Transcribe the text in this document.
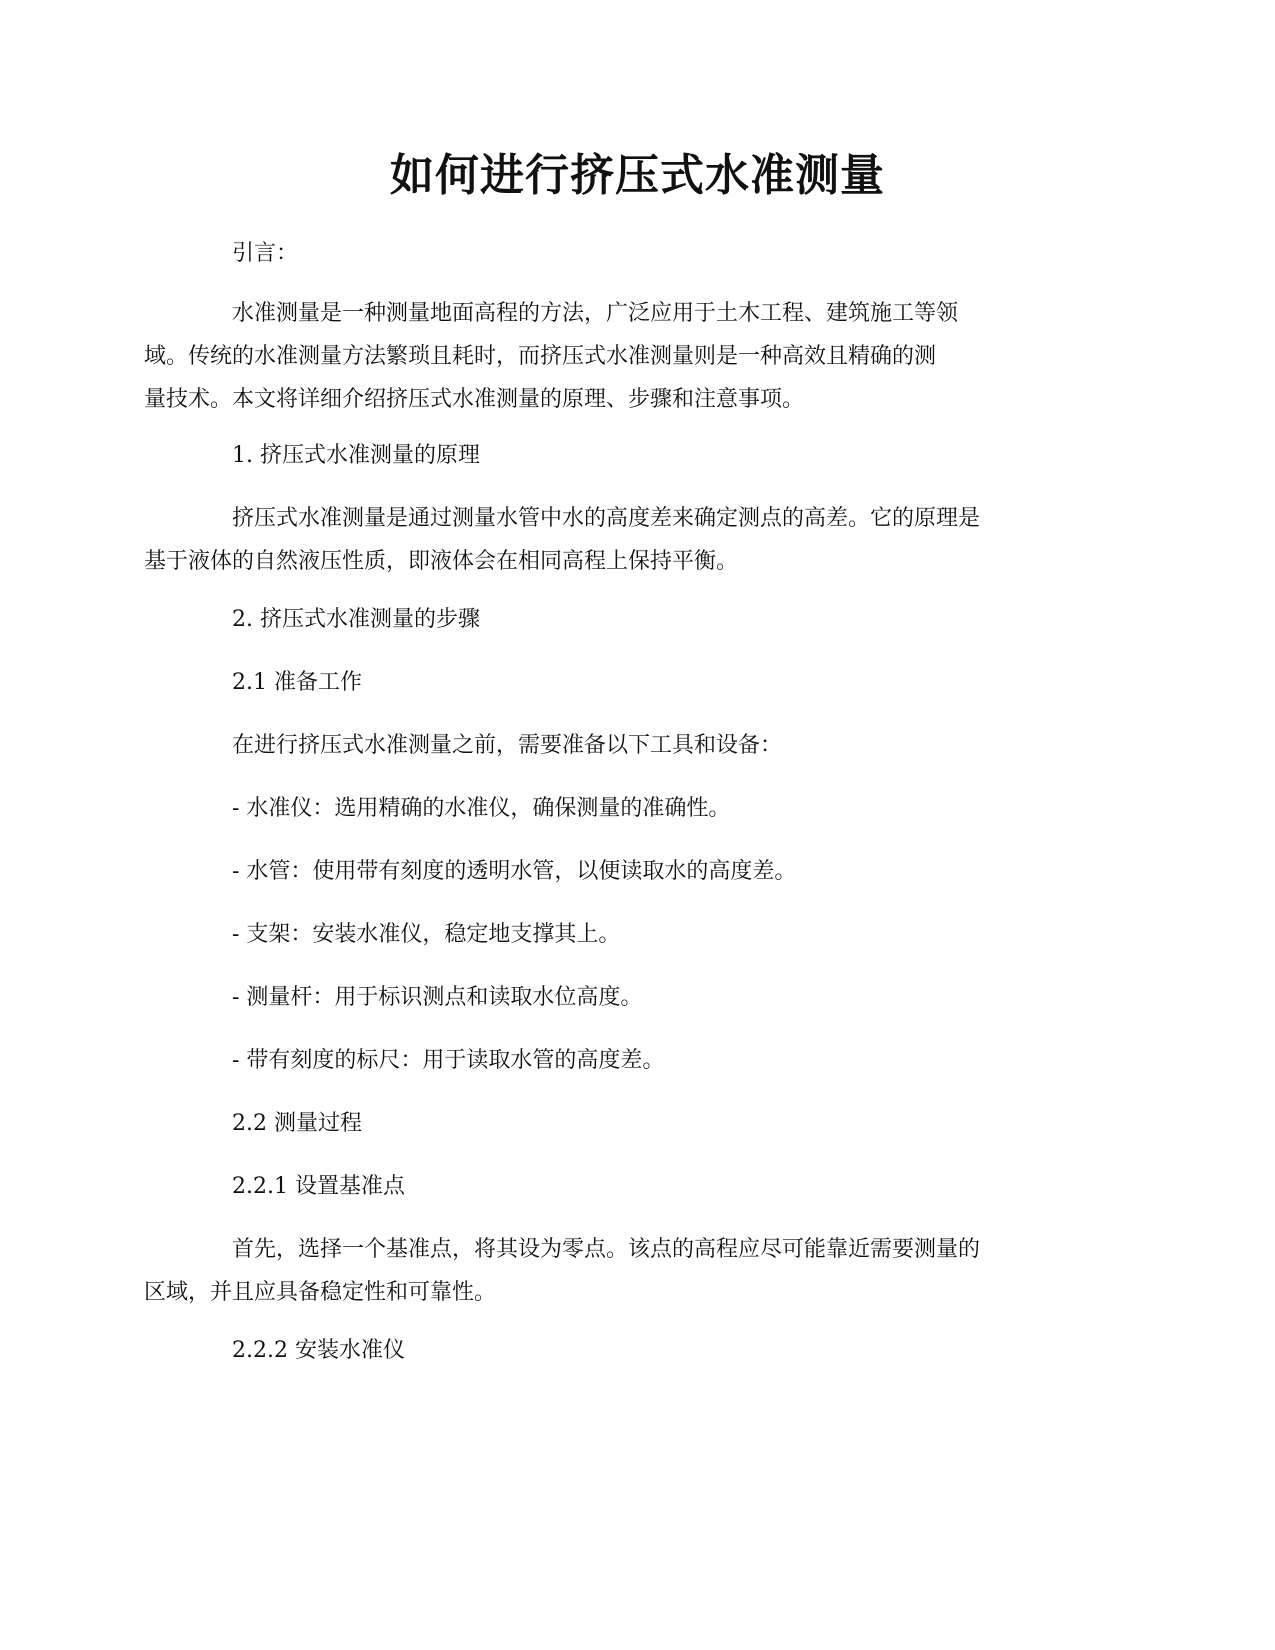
如何进行挤压式水准测量

引言：

水准测量是一种测量地面高程的方法，广泛应用于土木工程、建筑施工等领
域。传统的水准测量方法繁琐且耗时，而挤压式水准测量则是一种高效且精确的测
量技术。本文将详细介绍挤压式水准测量的原理、步骤和注意事项。

1. 挤压式水准测量的原理

挤压式水准测量是通过测量水管中水的高度差来确定测点的高差。它的原理是
基于液体的自然液压性质，即液体会在相同高程上保持平衡。

2. 挤压式水准测量的步骤

2.1 准备工作

在进行挤压式水准测量之前，需要准备以下工具和设备：

- 水准仪：选用精确的水准仪，确保测量的准确性。

- 水管：使用带有刻度的透明水管，以便读取水的高度差。

- 支架：安装水准仪，稳定地支撑其上。

- 测量杆：用于标识测点和读取水位高度。

- 带有刻度的标尺：用于读取水管的高度差。

2.2 测量过程

2.2.1 设置基准点

首先，选择一个基准点，将其设为零点。该点的高程应尽可能靠近需要测量的
区域，并且应具备稳定性和可靠性。

2.2.2 安装水准仪
